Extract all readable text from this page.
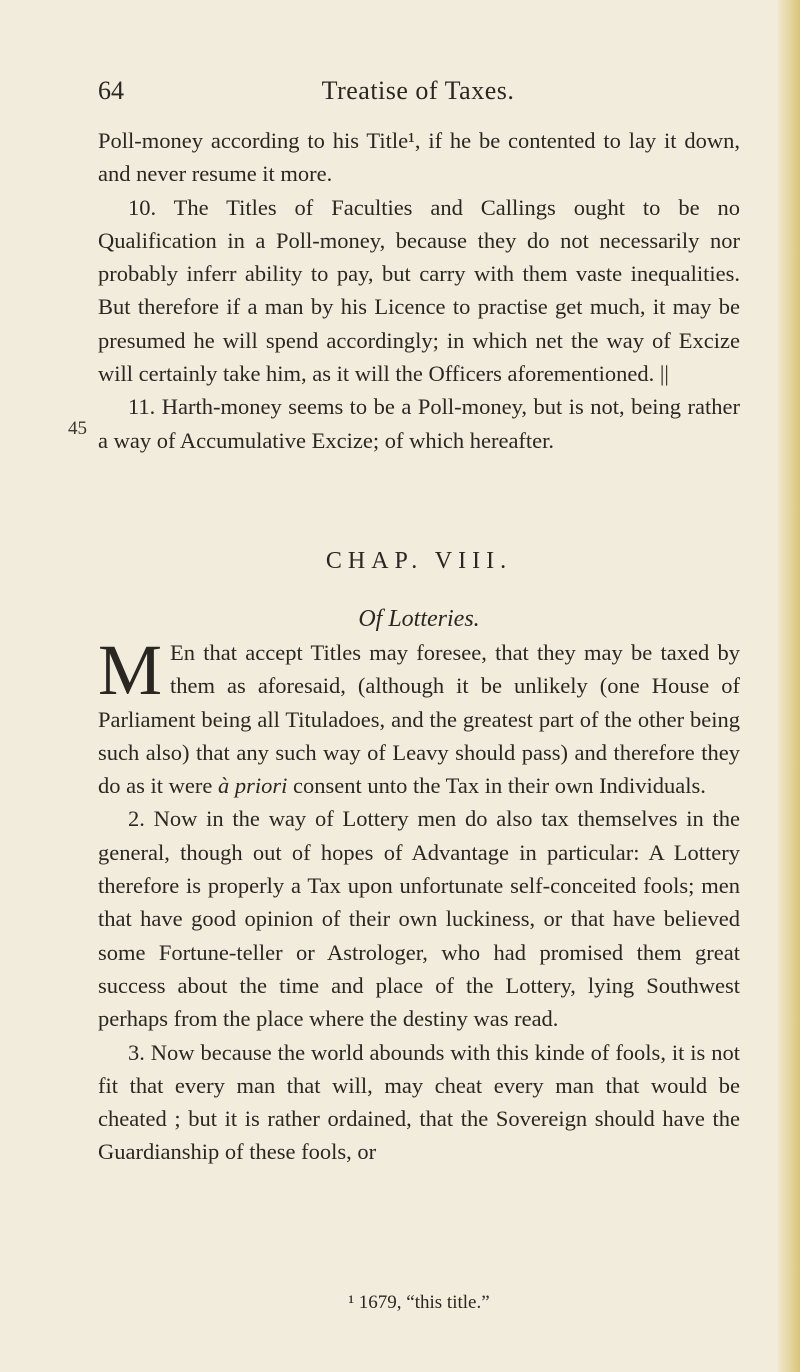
64	Treatise of Taxes.

Poll-money according to his Title¹, if he be contented to lay it down, and never resume it more.

10. The Titles of Faculties and Callings ought to be no Qualification in a Poll-money, because they do not necessarily nor probably inferr ability to pay, but carry with them vaste inequalities. But therefore if a man by his Licence to practise get much, it may be presumed he will spend accordingly; in which net the way of Excize will certainly take him, as it will the Officers aforementioned. ||

11. Harth-money seems to be a Poll-money, but is not, being rather a way of Accumulative Excize; of which hereafter.

45
CHAP. VIII.
Of Lotteries.

M En that accept Titles may foresee, that they may be taxed by them as aforesaid, (although it be unlikely (one House of Parliament being all Tituladoes, and the greatest part of the other being such also) that any such way of Leavy should pass) and therefore they do as it were à priori consent unto the Tax in their own Individuals.

2. Now in the way of Lottery men do also tax themselves in the general, though out of hopes of Advantage in particular: A Lottery therefore is properly a Tax upon unfortunate self-conceited fools; men that have good opinion of their own luckiness, or that have believed some Fortune-teller or Astrologer, who had promised them great success about the time and place of the Lottery, lying Southwest perhaps from the place where the destiny was read.

3. Now because the world abounds with this kinde of fools, it is not fit that every man that will, may cheat every man that would be cheated ; but it is rather ordained, that the Sovereign should have the Guardianship of these fools, or

¹ 1679, “this title.”
